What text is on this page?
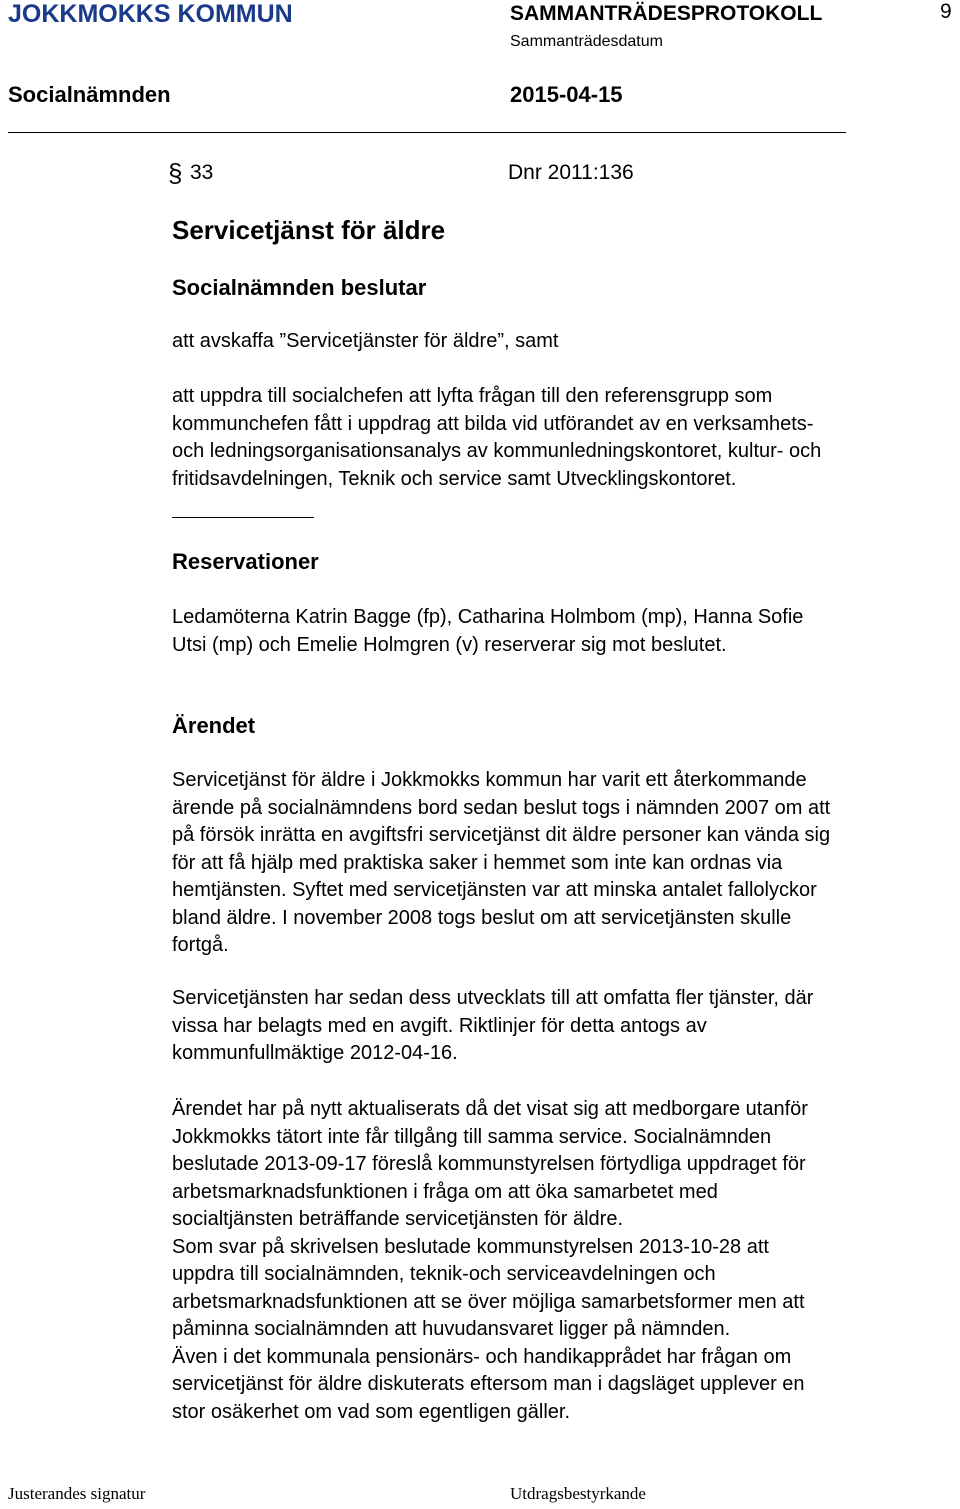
JOKKMOKKS KOMMUN	SAMMANTRÄDESPROTOKOLL	9
Sammanträdesdatum
Socialnämnden	2015-04-15
§ 33	Dnr 2011:136
Servicetjänst för äldre
Socialnämnden beslutar
att avskaffa ”Servicetjänster för äldre”, samt
att uppdra till socialchefen att lyfta frågan till den referensgrupp som
kommunchefen fått i uppdrag att bilda vid utförandet av en verksamhets-
och ledningsorganisationsanalys av kommunledningskontoret, kultur- och
fritidsavdelningen, Teknik och service samt Utvecklingskontoret.
Reservationer
Ledamöterna Katrin Bagge (fp), Catharina Holmbom (mp), Hanna Sofie
Utsi (mp) och Emelie Holmgren (v) reserverar sig mot beslutet.
Ärendet
Servicetjänst för äldre i Jokkmokks kommun har varit ett återkommande
ärende på socialnämndens bord sedan beslut togs i nämnden 2007 om att
på försök inrätta en avgiftsfri servicetjänst dit äldre personer kan vända sig
för att få hjälp med praktiska saker i hemmet som inte kan ordnas via
hemtjänsten. Syftet med servicetjänsten var att minska antalet fallolyckor
bland äldre. I november 2008 togs beslut om att servicetjänsten skulle
fortgå.
Servicetjänsten har sedan dess utvecklats till att omfatta fler tjänster, där
vissa har belagts med en avgift. Riktlinjer för detta antogs av
kommunfullmäktige 2012-04-16.
Ärendet har på nytt aktualiserats då det visat sig att medborgare utanför
Jokkmokks tätort inte får tillgång till samma service. Socialnämnden
beslutade 2013-09-17 föreslå kommunstyrelsen förtydliga uppdraget för
arbetsmarknadsfunktionen i fråga om att öka samarbetet med
socialtjänsten beträffande servicetjänsten för äldre.
Som svar på skrivelsen beslutade kommunstyrelsen 2013-10-28 att
uppdra till socialnämnden, teknik-och serviceavdelningen och
arbetsmarknadsfunktionen att se över möjliga samarbetsformer men att
påminna socialnämnden att huvudansvaret ligger på nämnden.
Även i det kommunala pensionärs- och handikapprådet har frågan om
servicetjänst för äldre diskuterats eftersom man i dagsläget upplever en
stor osäkerhet om vad som egentligen gäller.
Justerandes signatur	Utdragsbestyrkande
